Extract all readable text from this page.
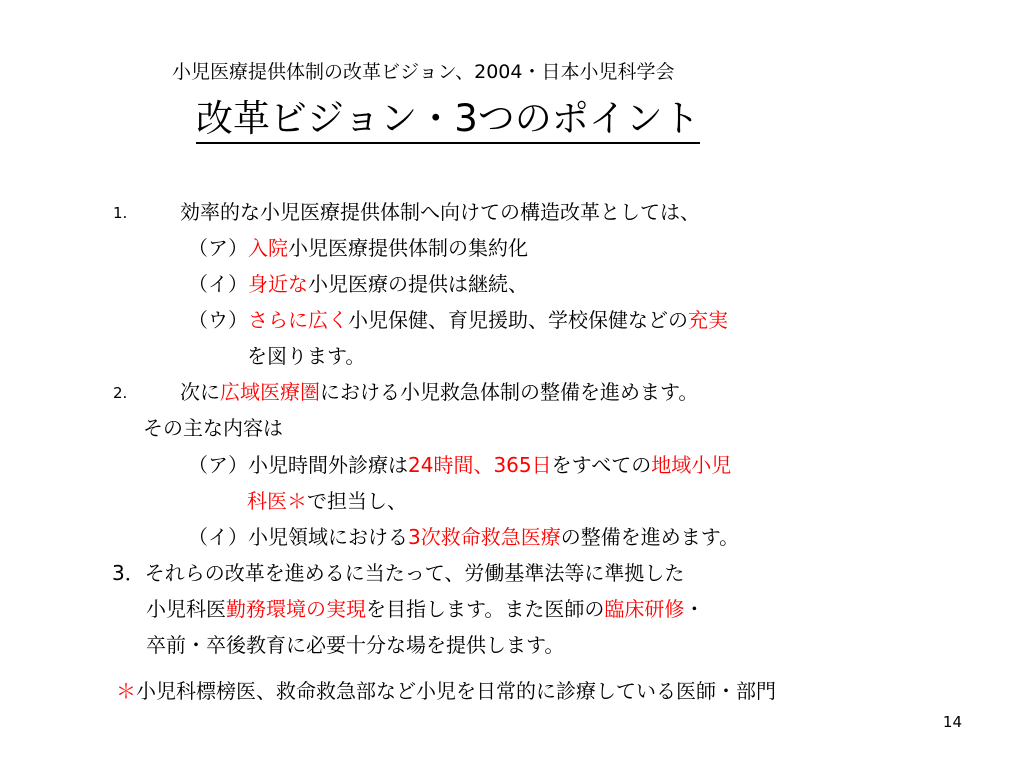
小児医療提供体制の改革ビジョン、2004・日本小児科学会
改革ビジョン・3つのポイント
1.	効率的な小児医療提供体制へ向けての構造改革としては、
（ア）入院小児医療提供体制の集約化
（イ）身近な小児医療の提供は継続、
（ウ）さらに広く小児保健、育児援助、学校保健などの充実
を図ります。
2.	次に広域医療圏における小児救急体制の整備を進めます。
その主な内容は
（ア）小児時間外診療は24時間、365日をすべての地域小児
科医＊で担当し、
（イ）小児領域における3次救命救急医療の整備を進めます。
3．それらの改革を進めるに当たって、労働基準法等に準拠した
小児科医勤務環境の実現を目指します。また医師の臨床研修・
卒前・卒後教育に必要十分な場を提供します。
＊小児科標榜医、救命救急部など小児を日常的に診療している医師・部門
14
